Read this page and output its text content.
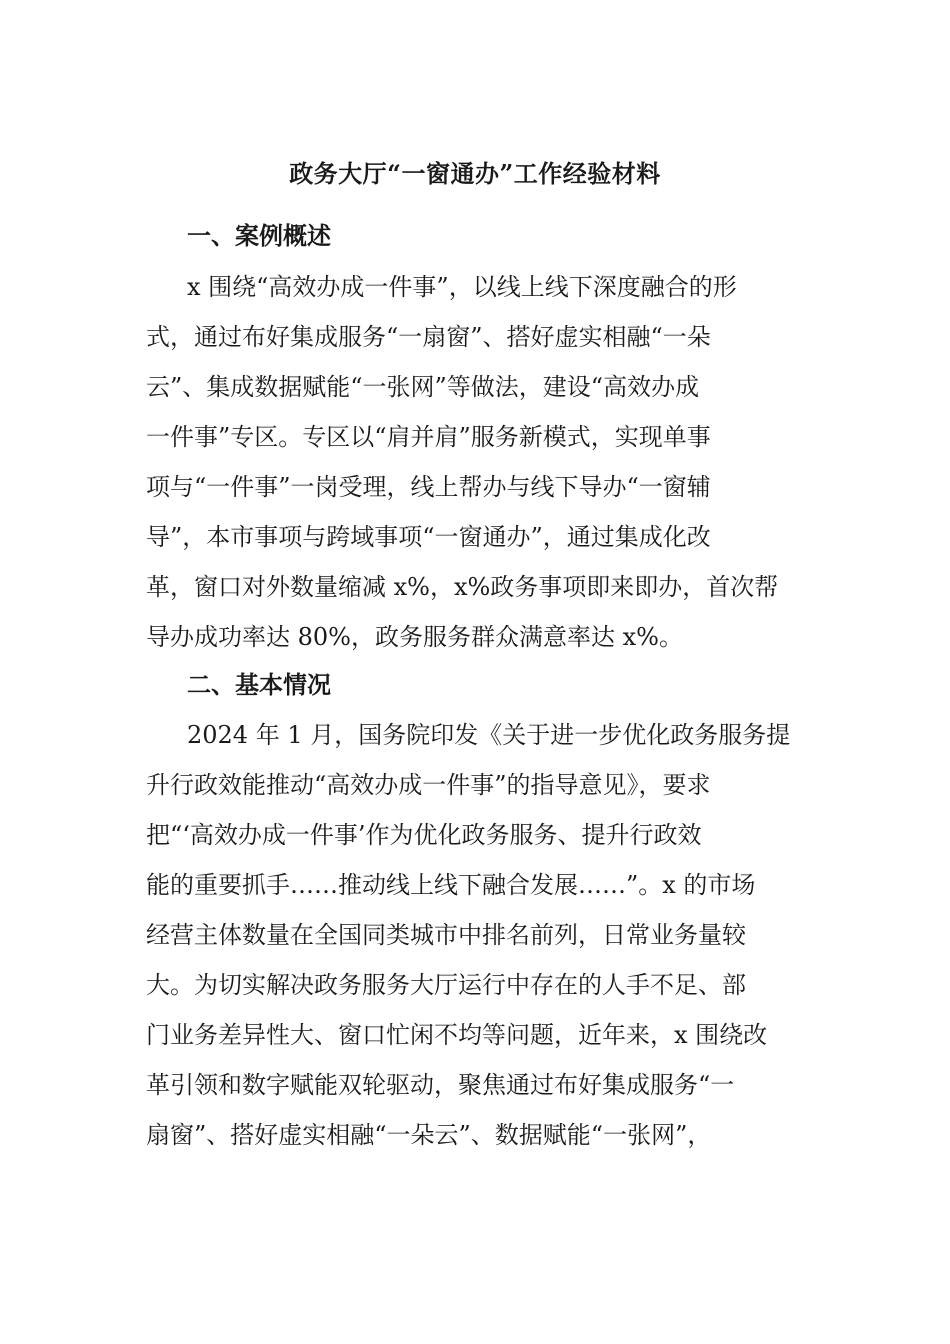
政务大厅“一窗通办”工作经验材料
一、案例概述
x 围绕“高效办成一件事”，以线上线下深度融合的形
式，通过布好集成服务“一扇窗”、搭好虚实相融“一朵
云”、集成数据赋能“一张网”等做法，建设“高效办成
一件事”专区。专区以“肩并肩”服务新模式，实现单事
项与“一件事”一岗受理，线上帮办与线下导办“一窗辅
导”，本市事项与跨域事项“一窗通办”，通过集成化改
革，窗口对外数量缩减 x%，x%政务事项即来即办，首次帮
导办成功率达 80%，政务服务群众满意率达 x%。
二、基本情况
2024 年 1 月，国务院印发《关于进一步优化政务服务提
升行政效能推动“高效办成一件事”的指导意见》，要求
把“‘高效办成一件事’作为优化政务服务、提升行政效
能的重要抓手……推动线上线下融合发展……”。x 的市场
经营主体数量在全国同类城市中排名前列，日常业务量较
大。为切实解决政务服务大厅运行中存在的人手不足、部
门业务差异性大、窗口忙闲不均等问题，近年来，x 围绕改
革引领和数字赋能双轮驱动，聚焦通过布好集成服务“一
扇窗”、搭好虚实相融“一朵云”、数据赋能“一张网”，
